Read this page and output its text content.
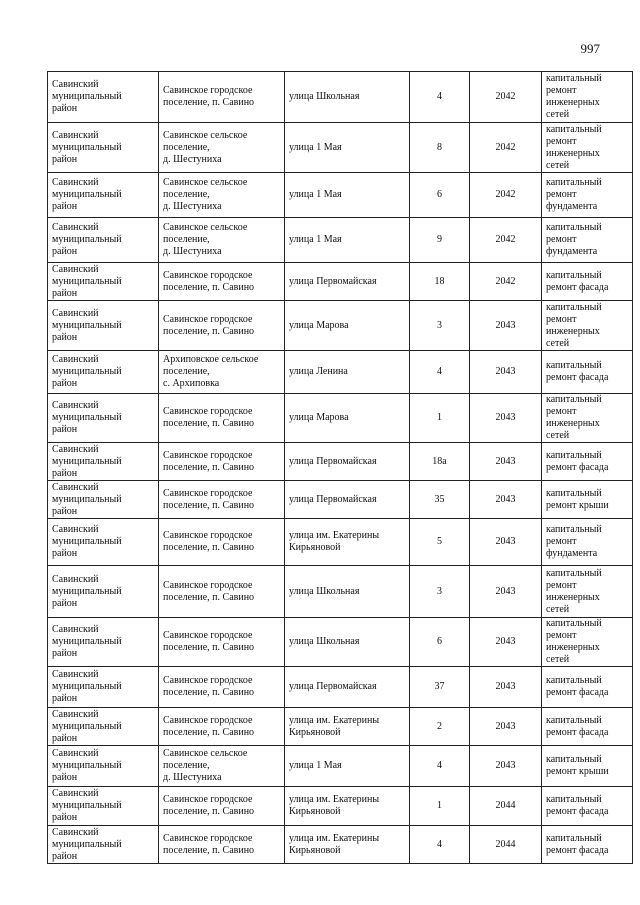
997
Савинский
муниципальный
район	Савинское городское
поселение, п. Савино	улица Школьная	4	2042	капитальный
ремонт
инженерных
сетей

Савинский
муниципальный
район	Савинское сельское
поселение,
д. Шестуниха	улица 1 Мая	8	2042	капитальный
ремонт
инженерных
сетей

Савинский
муниципальный
район	Савинское сельское
поселение,
д. Шестуниха	улица 1 Мая	6	2042	капитальный
ремонт
фундамента

Савинский
муниципальный
район	Савинское сельское
поселение,
д. Шестуниха	улица 1 Мая	9	2042	капитальный
ремонт
фундамента

Савинский
муниципальный
район	Савинское городское
поселение, п. Савино	улица Первомайская	18	2042	капитальный
ремонт фасада

Савинский
муниципальный
район	Савинское городское
поселение, п. Савино	улица Марова	3	2043	капитальный
ремонт
инженерных
сетей

Савинский
муниципальный
район	Архиповское сельское
поселение,
с. Архиповка	улица Ленина	4	2043	капитальный
ремонт фасада

Савинский
муниципальный
район	Савинское городское
поселение, п. Савино	улица Марова	1	2043	капитальный
ремонт
инженерных
сетей

Савинский
муниципальный
район	Савинское городское
поселение, п. Савино	улица Первомайская	18а	2043	капитальный
ремонт фасада

Савинский
муниципальный
район	Савинское городское
поселение, п. Савино	улица Первомайская	35	2043	капитальный
ремонт крыши

Савинский
муниципальный
район	Савинское городское
поселение, п. Савино	улица им. Екатерины
Кирьяновой	5	2043	капитальный
ремонт
фундамента

Савинский
муниципальный
район	Савинское городское
поселение, п. Савино	улица Школьная	3	2043	капитальный
ремонт
инженерных
сетей

Савинский
муниципальный
район	Савинское городское
поселение, п. Савино	улица Школьная	6	2043	капитальный
ремонт
инженерных
сетей

Савинский
муниципальный
район	Савинское городское
поселение, п. Савино	улица Первомайская	37	2043	капитальный
ремонт фасада

Савинский
муниципальный
район	Савинское городское
поселение, п. Савино	улица им. Екатерины
Кирьяновой	2	2043	капитальный
ремонт фасада

Савинский
муниципальный
район	Савинское сельское
поселение,
д. Шестуниха	улица 1 Мая	4	2043	капитальный
ремонт крыши

Савинский
муниципальный
район	Савинское городское
поселение, п. Савино	улица им. Екатерины
Кирьяновой	1	2044	капитальный
ремонт фасада

Савинский
муниципальный
район	Савинское городское
поселение, п. Савино	улица им. Екатерины
Кирьяновой	4	2044	капитальный
ремонт фасада
